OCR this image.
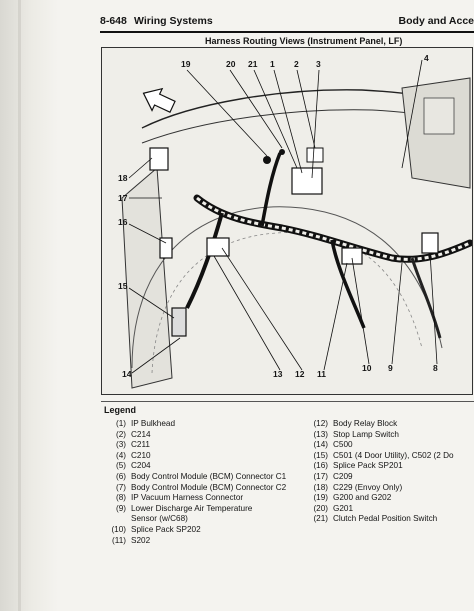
8-648 Wiring Systems	Body and Acce
Harness Routing Views (Instrument Panel, LF)
19	20 21 1 2 3
4
18
17
16
15
14	13 12 11
10 9	8
Legend
(1) IP Bulkhead
(2) C214
(3) C211
(4) C210
(5) C204
(6) Body Control Module (BCM) Connector C1
(7) Body Control Module (BCM) Connector C2
(8) IP Vacuum Harness Connector
(9) Lower Discharge Air Temperature
Sensor (w/C68)
(10) Splice Pack SP202
(11) S202
(12) Body Relay Block
(13) Stop Lamp Switch
(14) C500
(15) C501 (4 Door Utility), C502 (2 Do
(16) Splice Pack SP201
(17) C209
(18) C229 (Envoy Only)
(19) G200 and G202
(20) G201
(21) Clutch Pedal Position Switch
